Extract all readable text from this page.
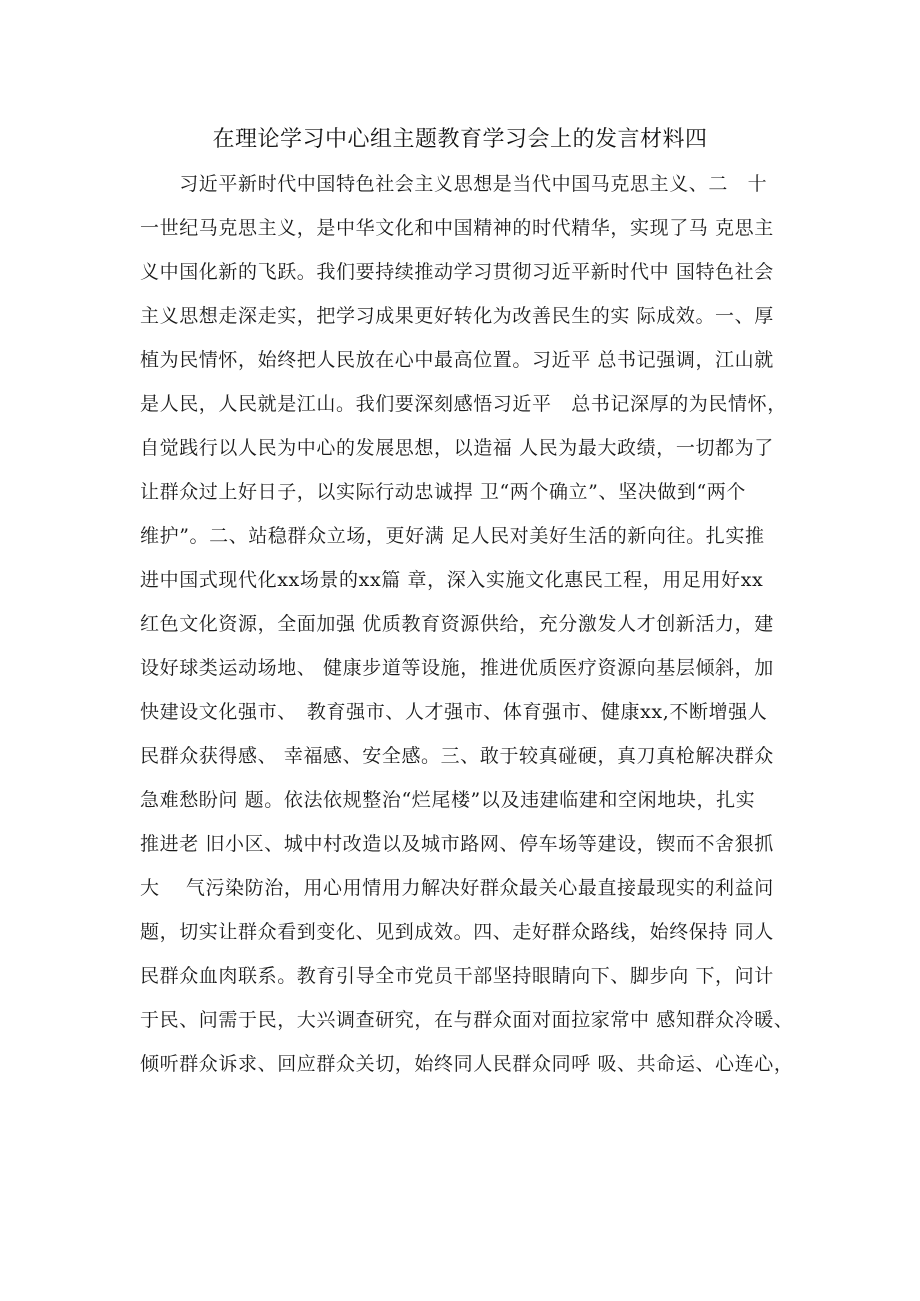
在理论学习中心组主题教育学习会上的发言材料四
　　习近平新时代中国特色社会主义思想是当代中国马克思主义、二　十
一世纪马克思主义，是中华文化和中国精神的时代精华，实现了马 克思主
义中国化新的飞跃。我们要持续推动学习贯彻习近平新时代中 国特色社会
主义思想走深走实，把学习成果更好转化为改善民生的实 际成效。一、厚
植为民情怀，始终把人民放在心中最高位置。习近平 总书记强调，江山就
是人民，人民就是江山。我们要深刻感悟习近平　总书记深厚的为民情怀，
自觉践行以人民为中心的发展思想，以造福 人民为最大政绩，一切都为了
让群众过上好日子，以实际行动忠诚捍 卫“两个确立”、坚决做到“两个
维护”。二、站稳群众立场，更好满 足人民对美好生活的新向往。扎实推
进中国式现代化xx场景的xx篇 章，深入实施文化惠民工程，用足用好xx
红色文化资源，全面加强 优质教育资源供给，充分激发人才创新活力，建
设好球类运动场地、 健康步道等设施，推进优质医疗资源向基层倾斜，加
快建设文化强市、　教育强市、人才强市、体育强市、健康xx,不断增强人
民群众获得感、 幸福感、安全感。三、敢于较真碰硬，真刀真枪解决群众
急难愁盼问 题。依法依规整治“烂尾楼”以及违建临建和空闲地块，扎实
推进老 旧小区、城中村改造以及城市路网、停车场等建设，锲而不舍狠抓
大　 气污染防治，用心用情用力解决好群众最关心最直接最现实的利益问
题，切实让群众看到变化、见到成效。四、走好群众路线，始终保持 同人
民群众血肉联系。教育引导全市党员干部坚持眼睛向下、脚步向 下，问计
于民、问需于民，大兴调查研究，在与群众面对面拉家常中 感知群众冷暖、
倾听群众诉求、回应群众关切，始终同人民群众同呼 吸、共命运、心连心，
